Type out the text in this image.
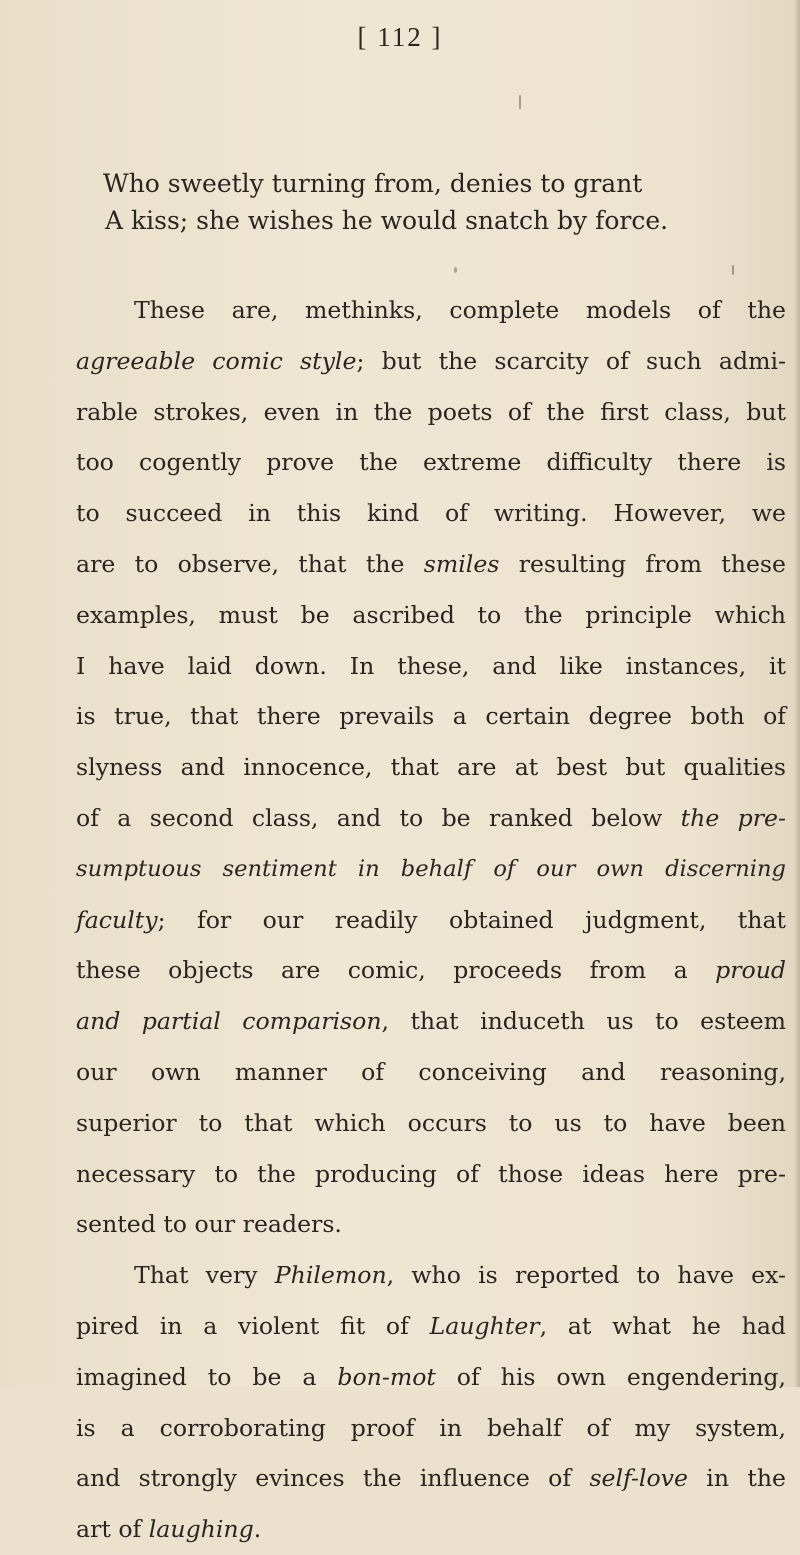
[ 112 ]
Who sweetly turning from, denies to grant
A kiss; she wishes he would snatch by force.
These are, methinks, complete models of the
agreeable comic style; but the scarcity of such admi-
rable strokes, even in the poets of the first class, but
too cogently prove the extreme difficulty there is
to succeed in this kind of writing. However, we
are to observe, that the smiles resulting from these
examples, must be ascribed to the principle which
I have laid down. In these, and like instances, it
is true, that there prevails a certain degree both of
slyness and innocence, that are at best but qualities
of a second class, and to be ranked below the pre-
sumptuous sentiment in behalf of our own discerning
faculty; for our readily obtained judgment, that
these objects are comic, proceeds from a proud
and partial comparison, that induceth us to esteem
our own manner of conceiving and reasoning,
superior to that which occurs to us to have been
necessary to the producing of those ideas here pre-
sented to our readers.
That very Philemon, who is reported to have ex-
pired in a violent fit of Laughter, at what he had
imagined to be a bon-mot of his own engendering,
is a corroborating proof in behalf of my system,
and strongly evinces the influence of self-love in the
art of laughing.
